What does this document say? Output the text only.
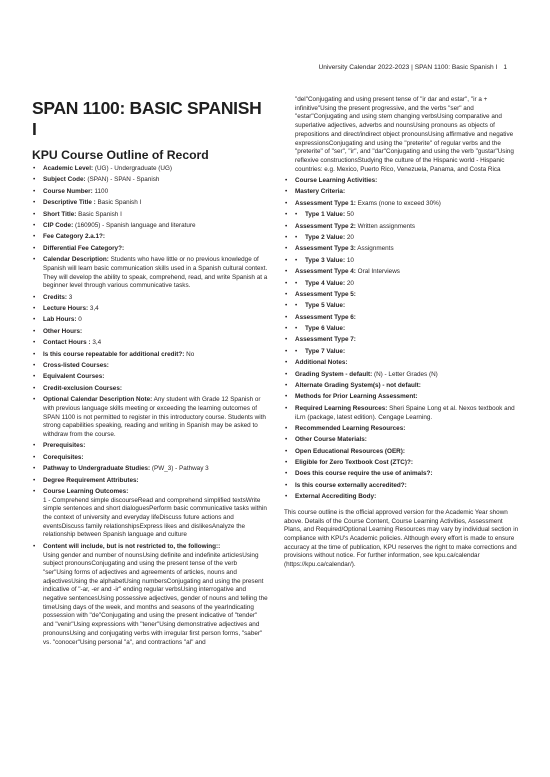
University Calendar 2022-2023 | SPAN 1100: Basic Spanish I 1
SPAN 1100: BASIC SPANISH I
KPU Course Outline of Record
• Academic Level: (UG) - Undergraduate (UG)
• Subject Code: (SPAN) - SPAN - Spanish
• Course Number: 1100
• Descriptive Title : Basic Spanish I
• Short Title: Basic Spanish I
• CIP Code: (160905) - Spanish language and literature
• Fee Category 2.a.1?:
• Differential Fee Category?:
• Calendar Description: Students who have little or no previous knowledge of Spanish will learn basic communication skills used in a Spanish cultural context. They will develop the ability to speak, comprehend, read, and write Spanish at a beginner level through various communicative tasks.
• Credits: 3
• Lecture Hours: 3,4
• Lab Hours: 0
• Other Hours:
• Contact Hours : 3,4
• Is this course repeatable for additional credit?: No
• Cross-listed Courses:
• Equivalent Courses:
• Credit-exclusion Courses:
• Optional Calendar Description Note: Any student with Grade 12 Spanish or with previous language skills meeting or exceeding the learning outcomes of SPAN 1100 is not permitted to register in this introductory course. Students with strong capabilities speaking, reading and writing in Spanish may be asked to withdraw from the course.
• Prerequisites:
• Corequisites:
• Pathway to Undergraduate Studies: (PW_3) - Pathway 3
• Degree Requirement Attributes:
• Course Learning Outcomes:
1 - Comprehend simple discourseRead and comprehend simplified textsWrite simple sentences and short dialoguesPerform basic communicative tasks within the context of university and everyday lifeDiscuss future actions and eventsDiscuss family relationshipsExpress likes and dislikesAnalyze the relationship between Spanish language and culture
• Content will include, but is not restricted to, the following::
Using gender and number of nounsUsing definite and indefinite articlesUsing subject pronounsConjugating and using the present tense of the verb "ser"Using forms of adjectives and agreements of articles, nouns and adjectivesUsing the alphabetUsing numbersConjugating and using the present indicative of "-ar, -er and -ir" ending regular verbsUsing interrogative and negative sentencesUsing possessive adjectives, gender of nouns and telling the timeUsing days of the week, and months and seasons of the yearIndicating possession with "de"Conjugating and using the present indicative of "tender" and "venir"Using expressions with "tener"Using demonstrative adjectives and pronounsUsing and conjugating verbs with irregular first person forms, "saber" vs. "conocer"Using personal "a", and contractions "al" and
"del"Conjugating and using present tense of "ir dar and estar", "ir a + infinitive"Using the present progressive, and the verbs "ser" and "estar"Conjugating and using stem changing verbsUsing comparative and superlative adjectives, adverbs and nounsUsing pronouns as objects of prepositions and direct/indirect object pronounsUsing affirmative and negative expressionsConjugating and using the "preterite" of regular verbs and the "preterite" of "ser", "ir", and "dar"Conjugating and using the verb "gustar"Using reflexive constructionsStudying the culture of the Hispanic world - Hispanic countries: e.g. Mexico, Puerto Rico, Venezuela, Panama, and Costa Rica
• Course Learning Activities:
• Mastery Criteria:
• Assessment Type 1: Exams (none to exceed 30%)
• • Type 1 Value: 50
• Assessment Type 2: Written assignments
• • Type 2 Value: 20
• Assessment Type 3: Assignments
• • Type 3 Value: 10
• Assessment Type 4: Oral Interviews
• • Type 4 Value: 20
• Assessment Type 5:
• • Type 5 Value:
• Assessment Type 6:
• • Type 6 Value:
• Assessment Type 7:
• • Type 7 Value:
• Additional Notes:
• Grading System - default: (N) - Letter Grades (N)
• Alternate Grading System(s) - not default:
• Methods for Prior Learning Assessment:
• Required Learning Resources: Sheri Spaine Long et al. Nexos textbook and iLrn (package, latest edition). Cengage Learning.
• Recommended Learning Resources:
• Other Course Materials:
• Open Educational Resources (OER):
• Eligible for Zero Textbook Cost (ZTC)?:
• Does this course require the use of animals?:
• Is this course externally accredited?:
• External Accrediting Body:

This course outline is the official approved version for the Academic Year shown above. Details of the Course Content, Course Learning Activities, Assessment Plans, and Required/Optional Learning Resources may vary by individual section in compliance with KPU's Academic policies. Although every effort is made to ensure accuracy at the time of publication, KPU reserves the right to make corrections and provisions without notice. For further information, see kpu.ca/calendar (https://kpu.ca/calendar/).
